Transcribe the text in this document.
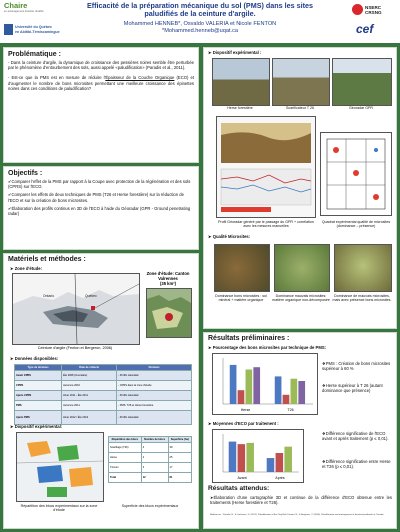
Chaire
en aménagement forestier durable
Université du Québec
en Abitibi-Témiscamingue
Efficacité de la préparation mécanique du sol (PMS) dans les sites paludifiés de la ceinture d'argile.
Mohammed HENNEB*, Osvaldo VALERIA et Nicole FENTON
*Mohammed.henneb@uqat.ca
NSERC CRSNG
cef
Problématique :
- Dans la ceinture d'argile, la dynamique de croissance des pessières noires semble être perturbée par le phénomène d'entourbement des sols, aussi appelé «paludification» (Paradis et al., 2011).
- Est-ce que la PMS est en mesure de réduire l'Épaisseur de la Couche Organique (ECO) et d'augmenter le nombre de bons microsites permettant une meilleure croissance des épinettes noires dans ces conditions de paludification?
Objectifs :
✔Comparer l'effet de la PMS par rapport à la Coupe avec protection de la régénération et des sols (CPRS) sur l'ECO.
✔Comparer les effets de deux techniques de PMS (T26 et Herse forestière) sur la réduction de l'ECO et sur la création de bons microsites.
✔Élaboration des profils continus en 3D de l'ECO à l'aide du Géoradar (GPR - Ground penetrating radar)
Matériels et méthodes :
➤ Zone d'étude:
Ontario	Québec
Zone d'étude: Canton Valrennes
(35 km²)
Ceinture d'argile (Fenton et Bergeron, 2006)
➤ Données disponibles:
Type de données	Date de collecte	Données
Avant CPRS	Été 2008 (Inventaire)	- Profils Géoradar
CPRS	Automne 2010	- CPRS dans la zone d'étude
Après CPRS	Hiver 2011 - Été 2011	- Profils Géoradar
PMS	Automne 2011	- PMS: T26 et Herse forestière
Après PMS	Hiver 2012 / Été 2012	- Profils Géoradar
➤ Dispositif expérimental:
Répartition des blocs expérimentaux sur la zone d'étude
Répartition des blocs	Nombre de blocs	Superficie (ha)
Scarifiage (T26)	4	39
Herse	4	25
Témoin	4	17
Total	12	81
Superficie des blocs expérimentaux
➤ Dispositif expérimental :
Herse forestière	Scarificateur T 26	Géoradar GPR
Profil Géoradar généré par le passage du GPR + corrélation avec les mesures manuelles
Quadrat expérimental qualité de microsites (dominance – présence)
➤ Qualité Microsites:
Dominance bons microsites : sol minéral + matière organique
Dominance mauvais microsites: matière organique non-décomposée
Dominance de mauvais microsites, mais avec présence bons microsites.
Résultats préliminaires :
➤ Pourcentage des bons microsites par technique de PMS:
Herse	T26
❖PMS : Création de bons microsites supérieur à 60 %
❖Herse supérieur à T 26 (autant dominance que présence)
➤ Moyennes d'ECO par traitement :
Avant	Après
❖Différence significative de l'ECO avant et après traitement (p ≤ 0,01).
❖Différence significative entre Herse et T26 (p ≤ 0,01).
Résultats attendus:
➤Élaboration d'une cartographie 3D et continue de la différence d'ECO obtenue entre les traitements (Herse forestière et T26).
Références : Paradis, E., & Lachance, D. (2011). Paludification of the Clay Belt. Fenton, N., & Bergeron, Y. (2006). Paludification and management of forested peatlands in Canada.
